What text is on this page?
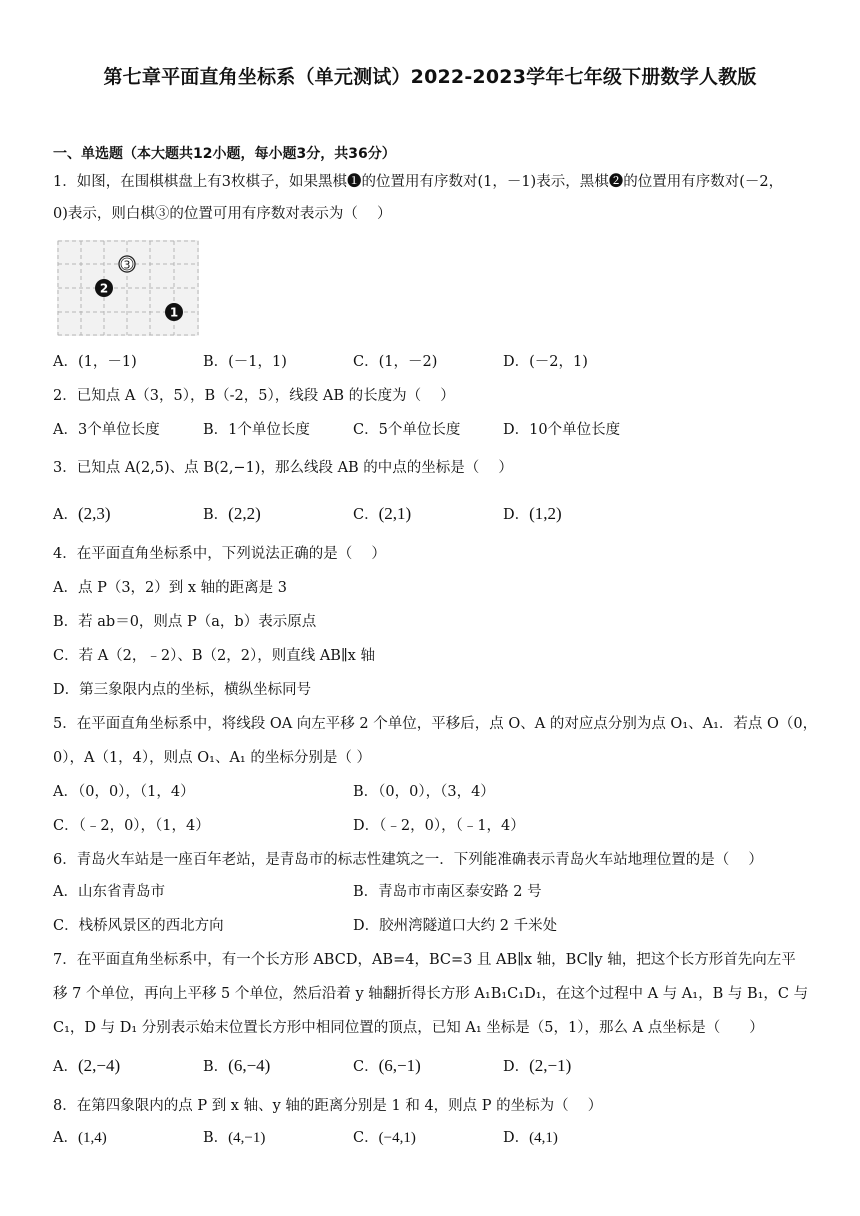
第七章平面直角坐标系（单元测试）2022-2023学年七年级下册数学人教版
一、单选题（本大题共12小题，每小题3分，共36分）
1．如图，在围棋棋盘上有3枚棋子，如果黑棋❶的位置用有序数对(1，－1)表示，黑棋❷的位置用有序数对(－2，
0)表示，则白棋③的位置可用有序数对表示为（　 ）
3
2
1
A．(1，－1)	B．(－1，1)	C．(1，－2)	D．(－2，1)
2．已知点 A（3，5），B（-2，5），线段 AB 的长度为（　 ）
A．3个单位长度	B．1个单位长度	C．5个单位长度	D．10个单位长度
3．已知点 A(2,5)、点 B(2,−1)，那么线段 AB 的中点的坐标是（　 ）
A．(2,3)	B．(2,2)	C．(2,1)	D．(1,2)
4．在平面直角坐标系中，下列说法正确的是（　 ）
A．点 P（3，2）到 x 轴的距离是 3
B．若 ab＝0，则点 P（a，b）表示原点
C．若 A（2，﹣2）、B（2，2），则直线 AB∥x 轴
D．第三象限内点的坐标，横纵坐标同号
5．在平面直角坐标系中，将线段 OA 向左平移 2 个单位，平移后，点 O、A 的对应点分别为点 O₁、A₁．若点 O（0，
0），A（1，4），则点 O₁、A₁ 的坐标分别是（ ）
A．（0，0），（1，4）	B．（0，0），（3，4）
C．（﹣2，0），（1，4）	D．（﹣2，0），（﹣1，4）
6．青岛火车站是一座百年老站，是青岛市的标志性建筑之一．下列能准确表示青岛火车站地理位置的是（　 ）
A．山东省青岛市	B．青岛市市南区泰安路 2 号
C．栈桥风景区的西北方向	D．胶州湾隧道口大约 2 千米处
7．在平面直角坐标系中，有一个长方形 ABCD，AB=4，BC=3 且 AB∥x 轴，BC∥y 轴，把这个长方形首先向左平
移 7 个单位，再向上平移 5 个单位，然后沿着 y 轴翻折得长方形 A₁B₁C₁D₁，在这个过程中 A 与 A₁，B 与 B₁，C 与
C₁，D 与 D₁ 分别表示始末位置长方形中相同位置的顶点，已知 A₁ 坐标是（5，1），那么 A 点坐标是（　　）
A．(2,−4)	B．(6,−4)	C．(6,−1)	D．(2,−1)
8．在第四象限内的点 P 到 x 轴、y 轴的距离分别是 1 和 4，则点 P 的坐标为（　 ）
A．(1,4)	B．(4,−1)	C．(−4,1)	D．(4,1)
